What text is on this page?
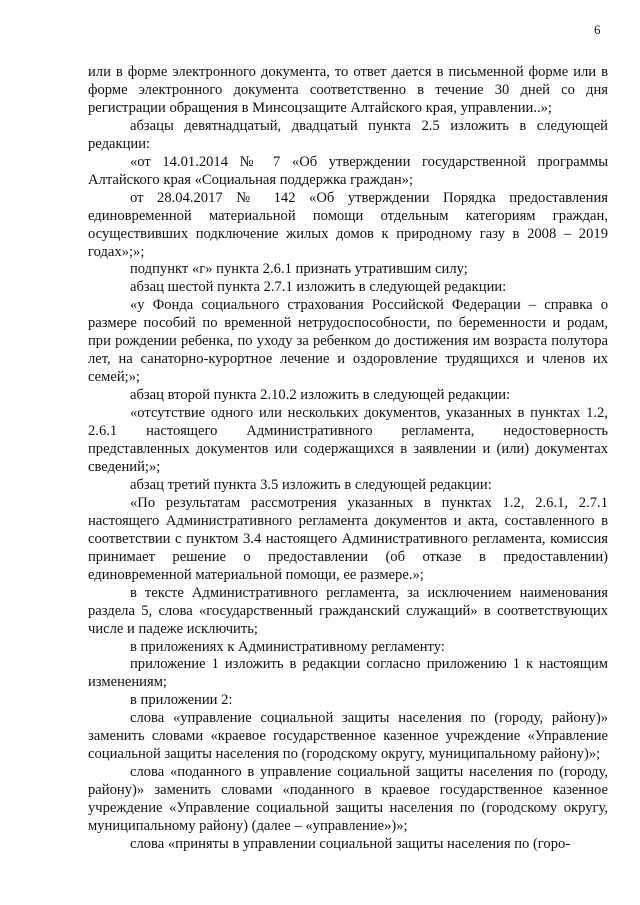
6

или в форме электронного документа, то ответ дается в письменной форме или в форме электронного документа соответственно в течение 30 дней со дня регистрации обращения в Минсоцзащите Алтайского края, управлении..»;

абзацы девятнадцатый, двадцатый пункта 2.5 изложить в следующей редакции:

«от 14.01.2014 № 7 «Об утверждении государственной программы Алтайского края «Социальная поддержка граждан»;

от 28.04.2017 № 142 «Об утверждении Порядка предоставления единовременной материальной помощи отдельным категориям граждан, осуществивших подключение жилых домов к природному газу в 2008 – 2019 годах»;»;

подпункт «г» пункта 2.6.1 признать утратившим силу;

абзац шестой пункта 2.7.1 изложить в следующей редакции:

«у Фонда социального страхования Российской Федерации – справка о размере пособий по временной нетрудоспособности, по беременности и родам, при рождении ребенка, по уходу за ребенком до достижения им возраста полутора лет, на санаторно-курортное лечение и оздоровление трудящихся и членов их семей;»;

абзац второй пункта 2.10.2 изложить в следующей редакции:

«отсутствие одного или нескольких документов, указанных в пунктах 1.2, 2.6.1 настоящего Административного регламента, недостоверность представленных документов или содержащихся в заявлении и (или) документах сведений;»;

абзац третий пункта 3.5 изложить в следующей редакции:

«По результатам рассмотрения указанных в пунктах 1.2, 2.6.1, 2.7.1 настоящего Административного регламента документов и акта, составленного в соответствии с пунктом 3.4 настоящего Административного регламента, комиссия принимает решение о предоставлении (об отказе в предоставлении) единовременной материальной помощи, ее размере.»;

в тексте Административного регламента, за исключением наименования раздела 5, слова «государственный гражданский служащий» в соответствующих числе и падеже исключить;

в приложениях к Административному регламенту:

приложение 1 изложить в редакции согласно приложению 1 к настоящим изменениям;

в приложении 2:

слова «управление социальной защиты населения по (городу, району)» заменить словами «краевое государственное казенное учреждение «Управление социальной защиты населения по (городскому округу, муниципальному району)»;

слова «поданного в управление социальной защиты населения по (городу, району)» заменить словами «поданного в краевое государственное казенное учреждение «Управление социальной защиты населения по (городскому округу, муниципальному району) (далее – «управление»)»;

слова «приняты в управлении социальной защиты населения по (горо-
